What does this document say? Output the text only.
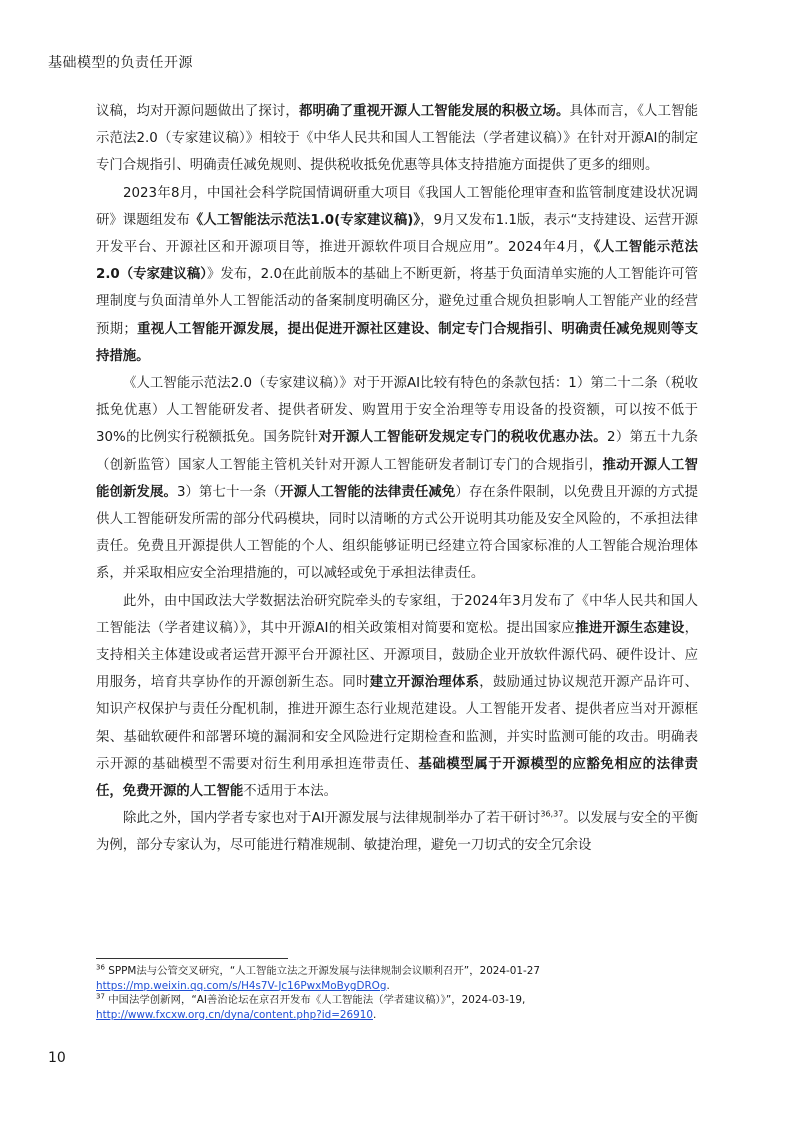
基础模型的负责任开源

议稿，均对开源问题做出了探讨，都明确了重视开源人工智能发展的积极立场。具体而言，《人工智能示范法2.0（专家建议稿）》相较于《中华人民共和国人工智能法（学者建议稿）》在针对开源AI的制定专门合规指引、明确责任减免规则、提供税收抵免优惠等具体支持措施方面提供了更多的细则。

2023年8月，中国社会科学院国情调研重大项目《我国人工智能伦理审查和监管制度建设状况调研》课题组发布《人工智能法示范法1.0(专家建议稿)》，9月又发布1.1版，表示“支持建设、运营开源开发平台、开源社区和开源项目等，推进开源软件项目合规应用”。2024年4月，《人工智能示范法2.0（专家建议稿）》发布，2.0在此前版本的基础上不断更新，将基于负面清单实施的人工智能许可管理制度与负面清单外人工智能活动的备案制度明确区分，避免过重合规负担影响人工智能产业的经营预期；重视人工智能开源发展，提出促进开源社区建设、制定专门合规指引、明确责任减免规则等支持措施。

《人工智能示范法2.0（专家建议稿）》对于开源AI比较有特色的条款包括：1）第二十二条（税收抵免优惠）人工智能研发者、提供者研发、购置用于安全治理等专用设备的投资额，可以按不低于30%的比例实行税额抵免。国务院针对开源人工智能研发规定专门的税收优惠办法。2）第五十九条（创新监管）国家人工智能主管机关针对开源人工智能研发者制订专门的合规指引，推动开源人工智能创新发展。3）第七十一条（开源人工智能的法律责任减免）存在条件限制，以免费且开源的方式提供人工智能研发所需的部分代码模块，同时以清晰的方式公开说明其功能及安全风险的，不承担法律责任。免费且开源提供人工智能的个人、组织能够证明已经建立符合国家标准的人工智能合规治理体系，并采取相应安全治理措施的，可以减轻或免于承担法律责任。

此外，由中国政法大学数据法治研究院牵头的专家组，于2024年3月发布了《中华人民共和国人工智能法（学者建议稿）》，其中开源AI的相关政策相对简要和宽松。提出国家应推进开源生态建设，支持相关主体建设或者运营开源平台开源社区、开源项目，鼓励企业开放软件源代码、硬件设计、应用服务，培育共享协作的开源创新生态。同时建立开源治理体系，鼓励通过协议规范开源产品许可、知识产权保护与责任分配机制，推进开源生态行业规范建设。人工智能开发者、提供者应当对开源框架、基础软硬件和部署环境的漏洞和安全风险进行定期检查和监测，并实时监测可能的攻击。明确表示开源的基础模型不需要对衍生利用承担连带责任、基础模型属于开源模型的应豁免相应的法律责任，免费开源的人工智能不适用于本法。

除此之外，国内学者专家也对于AI开源发展与法律规制举办了若干研讨$^{36,37}$。以发展与安全的平衡为例，部分专家认为，尽可能进行精准规制、敏捷治理，避免一刀切式的安全冗余设

$^{36}$ SPPM法与公管交叉研究，“人工智能立法之开源发展与法律规制会议顺利召开”，2024-01-27
https://mp.weixin.qq.com/s/H4s7V-Jc16PwxMoBygDROg.

$^{37}$ 中国法学创新网，“AI善治论坛在京召开发布《人工智能法（学者建议稿）》”，2024-03-19,
http://www.fxcxw.org.cn/dyna/content.php?id=26910.

10
